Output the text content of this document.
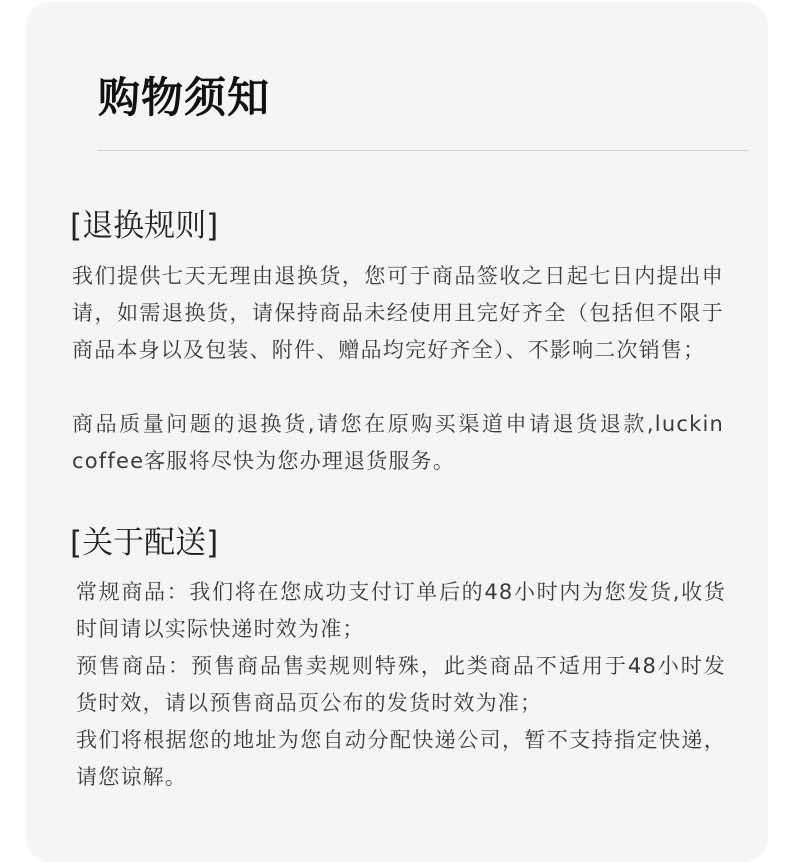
购物须知
[退换规则]

我们提供七天无理由退换货，您可于商品签收之日起七日内提出申请，如需退换货，请保持商品未经使用且完好齐全（包括但不限于商品本身以及包装、附件、赠品均完好齐全）、不影响二次销售；

商品质量问题的退换货,请您在原购买渠道申请退货退款,luckin  coffee客服将尽快为您办理退货服务。

[关于配送]

常规商品：我们将在您成功支付订单后的48小时内为您发货,收货时间请以实际快递时效为准；

预售商品：预售商品售卖规则特殊，此类商品不适用于48小时发货时效，请以预售商品页公布的发货时效为准；

我们将根据您的地址为您自动分配快递公司，暂不支持指定快递，请您谅解。
